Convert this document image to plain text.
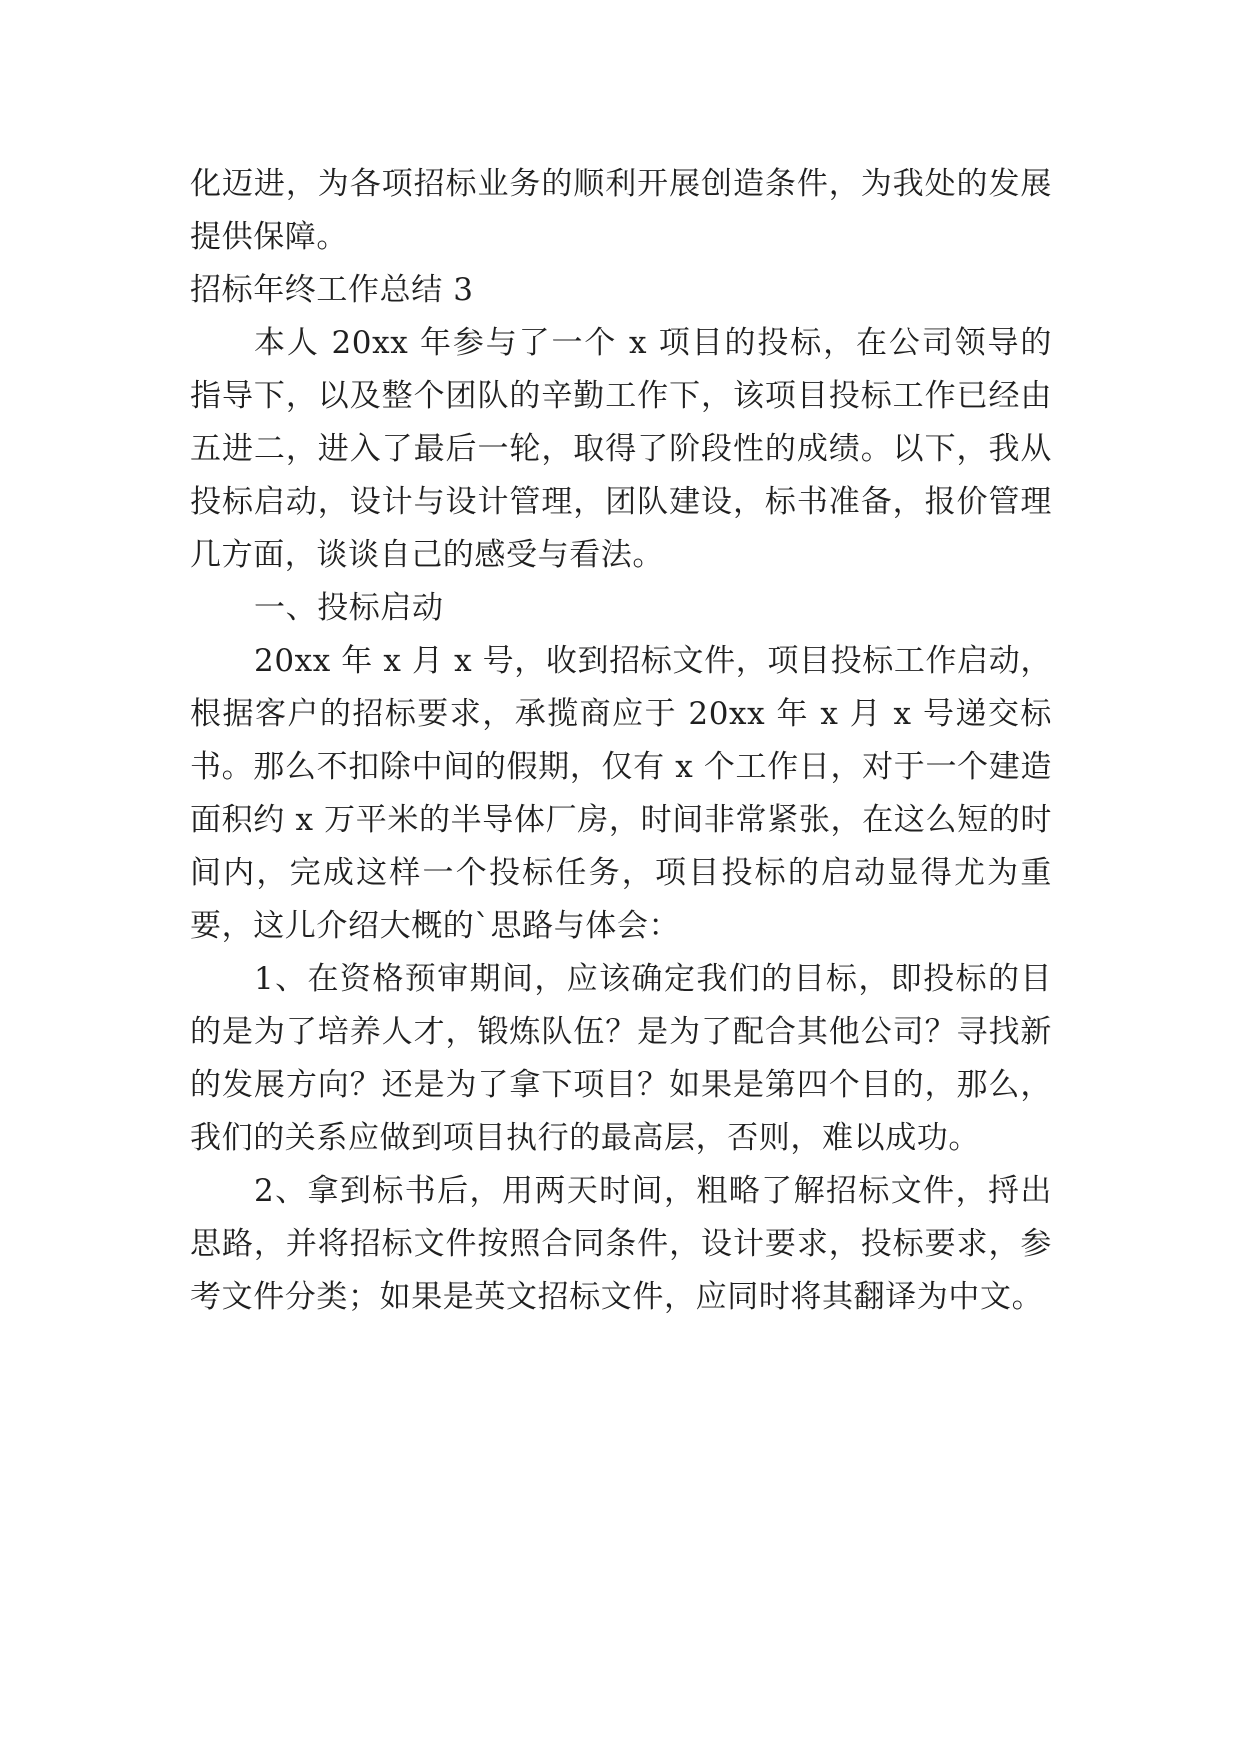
化迈进，为各项招标业务的顺利开展创造条件，为我处的发展提供保障。

招标年终工作总结 3

本人 20xx 年参与了一个 x 项目的投标，在公司领导的指导下，以及整个团队的辛勤工作下，该项目投标工作已经由五进二，进入了最后一轮，取得了阶段性的成绩。以下，我从投标启动，设计与设计管理，团队建设，标书准备，报价管理几方面，谈谈自己的感受与看法。

一、投标启动

20xx 年 x 月 x 号，收到招标文件，项目投标工作启动，根据客户的招标要求，承揽商应于 20xx 年 x 月 x 号递交标书。那么不扣除中间的假期，仅有 x 个工作日，对于一个建造面积约 x 万平米的半导体厂房，时间非常紧张，在这么短的时间内，完成这样一个投标任务，项目投标的启动显得尤为重要，这儿介绍大概的`思路与体会：

1、在资格预审期间，应该确定我们的目标，即投标的目的是为了培养人才，锻炼队伍？是为了配合其他公司？寻找新的发展方向？还是为了拿下项目？如果是第四个目的，那么，我们的关系应做到项目执行的最高层，否则，难以成功。

2、拿到标书后，用两天时间，粗略了解招标文件，捋出思路，并将招标文件按照合同条件，设计要求，投标要求，参考文件分类；如果是英文招标文件，应同时将其翻译为中文。
